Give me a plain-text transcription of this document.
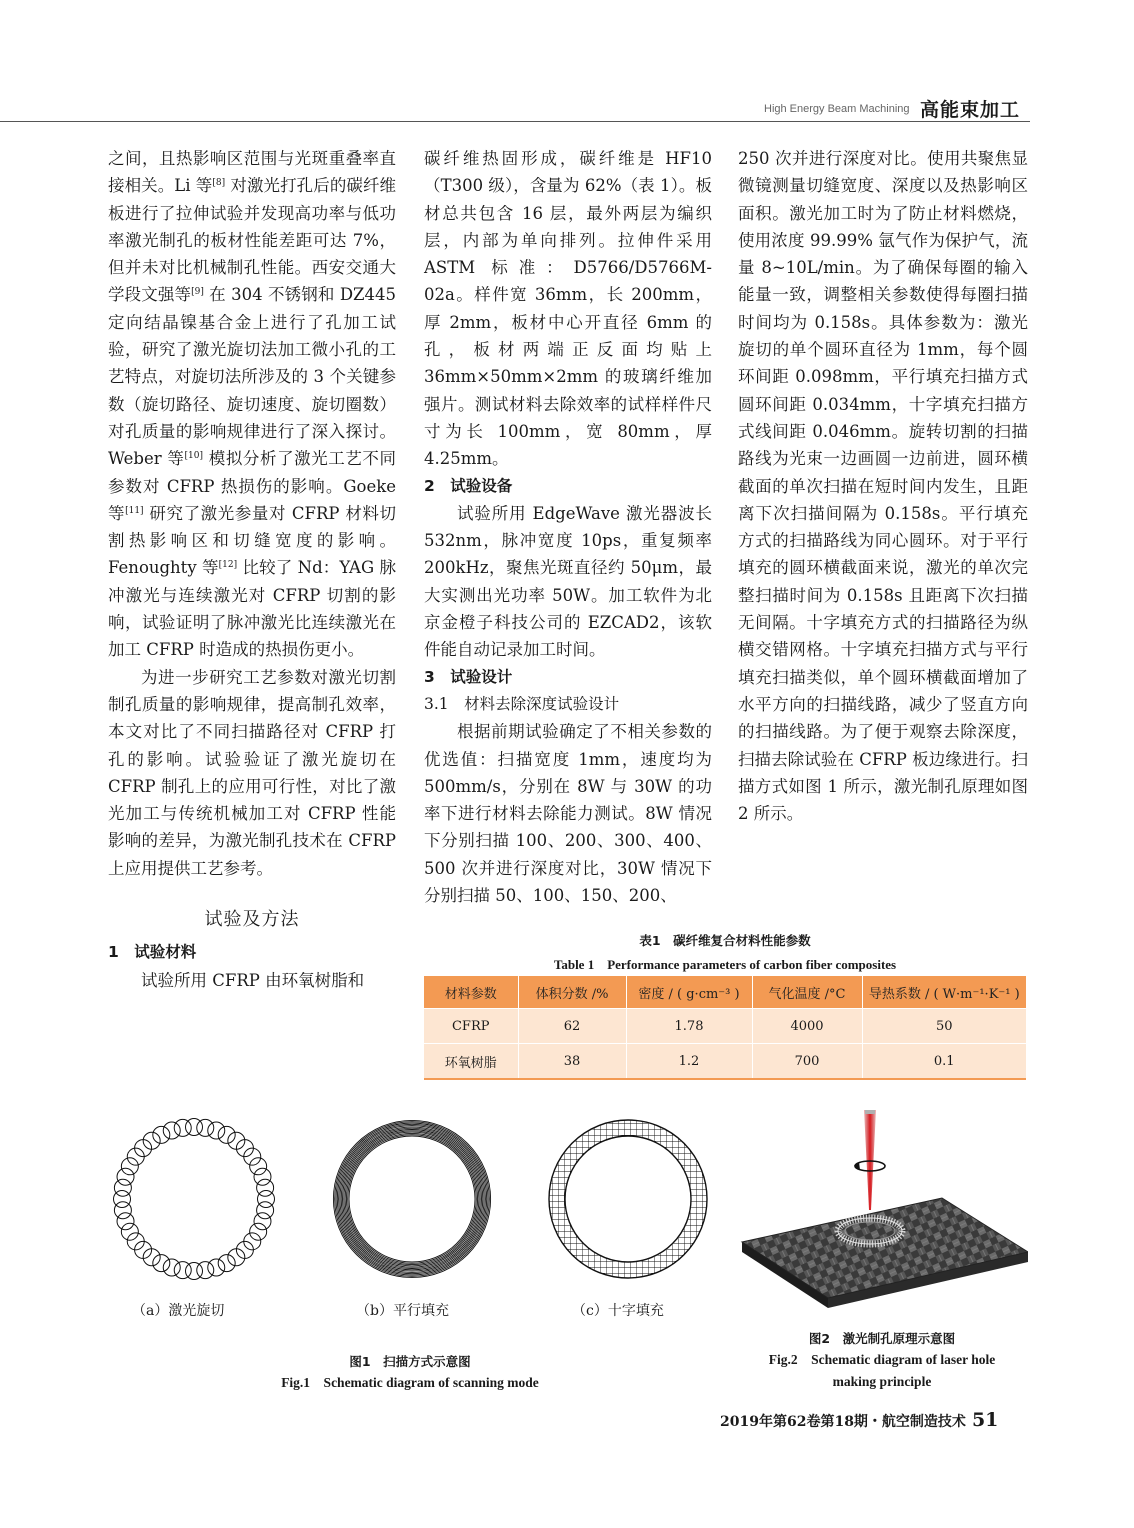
High Energy Beam Machining 高能束加工

之间，且热影响区范围与光斑重叠率直接相关。Li 等[8] 对激光打孔后的碳纤维板进行了拉伸试验并发现高功率与低功率激光制孔的板材性能差距可达 7%，但并未对比机械制孔性能。西安交通大学段文强等[9] 在 304 不锈钢和 DZ445 定向结晶镍基合金上进行了孔加工试验，研究了激光旋切法加工微小孔的工艺特点，对旋切法所涉及的 3 个关键参数（旋切路径、旋切速度、旋切圈数）对孔质量的影响规律进行了深入探讨。Weber 等[10] 模拟分析了激光工艺不同参数对 CFRP 热损伤的影响。Goeke 等[11] 研究了激光参量对 CFRP 材料切割热影响区和切缝宽度的影响。Fenoughty 等[12] 比较了 Nd：YAG 脉冲激光与连续激光对 CFRP 切割的影响，试验证明了脉冲激光比连续激光在加工 CFRP 时造成的热损伤更小。

为进一步研究工艺参数对激光切割制孔质量的影响规律，提高制孔效率，本文对比了不同扫描路径对 CFRP 打孔的影响。试验验证了激光旋切在 CFRP 制孔上的应用可行性，对比了激光加工与传统机械加工对 CFRP 性能影响的差异，为激光制孔技术在 CFRP 上应用提供工艺参考。

试验及方法
1　试验材料

试验所用 CFRP 由环氧树脂和

碳纤维热固形成，碳纤维是 HF10（T300 级），含量为 62%（表 1）。板材总共包含 16 层，最外两层为编织层，内部为单向排列。拉伸件采用 ASTM 标准：D5766/D5766M-02a。样件宽 36mm，长 200mm，厚 2mm，板材中心开直径 6mm 的孔，板材两端正反面均贴上 36mm×50mm×2mm 的玻璃纤维加强片。测试材料去除效率的试样样件尺寸为长 100mm，宽 80mm，厚 4.25mm。

2　试验设备

试验所用 EdgeWave 激光器波长 532nm，脉冲宽度 10ps，重复频率 200kHz，聚焦光斑直径约 50μm，最大实测出光功率 50W。加工软件为北京金橙子科技公司的 EZCAD2，该软件能自动记录加工时间。

3　试验设计
3.1　材料去除深度试验设计

根据前期试验确定了不相关参数的优选值：扫描宽度 1mm，速度均为 500mm/s，分别在 8W 与 30W 的功率下进行材料去除能力测试。8W 情况下分别扫描 100、200、300、400、500 次并进行深度对比，30W 情况下分别扫描 50、100、150、200、

250 次并进行深度对比。使用共聚焦显微镜测量切缝宽度、深度以及热影响区面积。激光加工时为了防止材料燃烧，使用浓度 99.99% 氩气作为保护气，流量 8~10L/min。为了确保每圈的输入能量一致，调整相关参数使得每圈扫描时间均为 0.158s。具体参数为：激光旋切的单个圆环直径为 1mm，每个圆环间距 0.098mm，平行填充扫描方式圆环间距 0.034mm，十字填充扫描方式线间距 0.046mm。旋转切割的扫描路线为光束一边画圆一边前进，圆环横截面的单次扫描在短时间内发生，且距离下次扫描间隔为 0.158s。平行填充方式的扫描路线为同心圆环。对于平行填充的圆环横截面来说，激光的单次完整扫描时间为 0.158s 且距离下次扫描无间隔。十字填充方式的扫描路径为纵横交错网格。十字填充扫描方式与平行填充扫描类似，单个圆环横截面增加了水平方向的扫描线路，减少了竖直方向的扫描线路。为了便于观察去除深度，扫描去除试验在 CFRP 板边缘进行。扫描方式如图 1 所示，激光制孔原理如图 2 所示。

表1　碳纤维复合材料性能参数
Table 1　Performance parameters of carbon fiber composites
材料参数	体积分数 /%	密度 / ( g·cm⁻³ )	气化温度 /°C	导热系数 / ( W·m⁻¹·K⁻¹ )
CFRP	62	1.78	4000	50
环氧树脂	38	1.2	700	0.1
（a）激光旋切	（b）平行填充	（c）十字填充
图1　扫描方式示意图
Fig.1　Schematic diagram of scanning mode
图2　激光制孔原理示意图
Fig.2　Schematic diagram of laser hole
making principle
2019年第62卷第18期・航空制造技术 51
